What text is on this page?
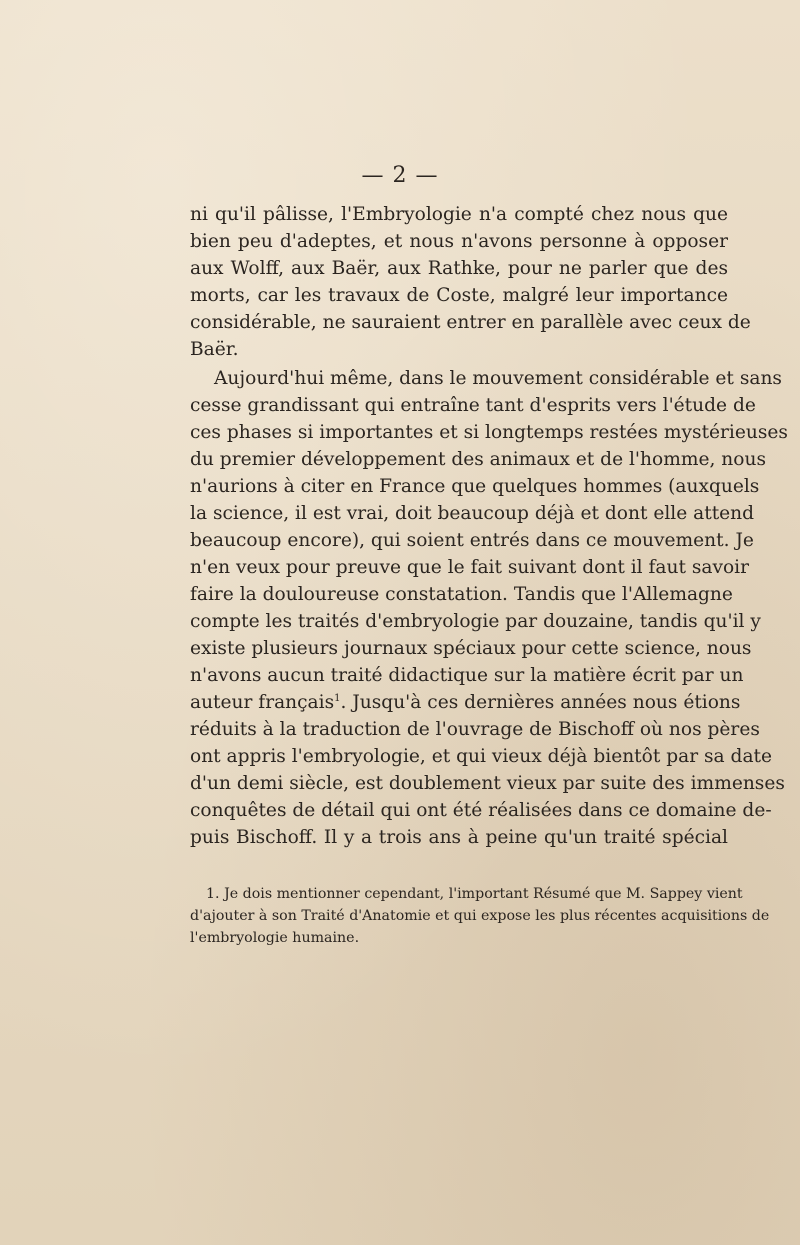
— 2 —
ni qu'il pâlisse, l'Embryologie n'a compté chez nous que
bien peu d'adeptes, et nous n'avons personne à opposer
aux Wolff, aux Baër, aux Rathke, pour ne parler que des
morts, car les travaux de Coste, malgré leur importance
considérable, ne sauraient entrer en parallèle avec ceux de
Baër.
Aujourd'hui même, dans le mouvement considérable et sans
cesse grandissant qui entraîne tant d'esprits vers l'étude de
ces phases si importantes et si longtemps restées mystérieuses
du premier développement des animaux et de l'homme, nous
n'aurions à citer en France que quelques hommes (auxquels
la science, il est vrai, doit beaucoup déjà et dont elle attend
beaucoup encore), qui soient entrés dans ce mouvement. Je
n'en veux pour preuve que le fait suivant dont il faut savoir
faire la douloureuse constatation. Tandis que l'Allemagne
compte les traités d'embryologie par douzaine, tandis qu'il y
existe plusieurs journaux spéciaux pour cette science, nous
n'avons aucun traité didactique sur la matière écrit par un
auteur français$^1$. Jusqu'à ces dernières années nous étions
réduits à la traduction de l'ouvrage de Bischoff où nos pères
ont appris l'embryologie, et qui vieux déjà bientôt par sa date
d'un demi siècle, est doublement vieux par suite des immenses
conquêtes de détail qui ont été réalisées dans ce domaine de-
puis Bischoff. Il y a trois ans à peine qu'un traité spécial
1. Je dois mentionner cependant, l'important Résumé que M. Sappey vient
d'ajouter à son Traité d'Anatomie et qui expose les plus récentes acquisitions de
l'embryologie humaine.
